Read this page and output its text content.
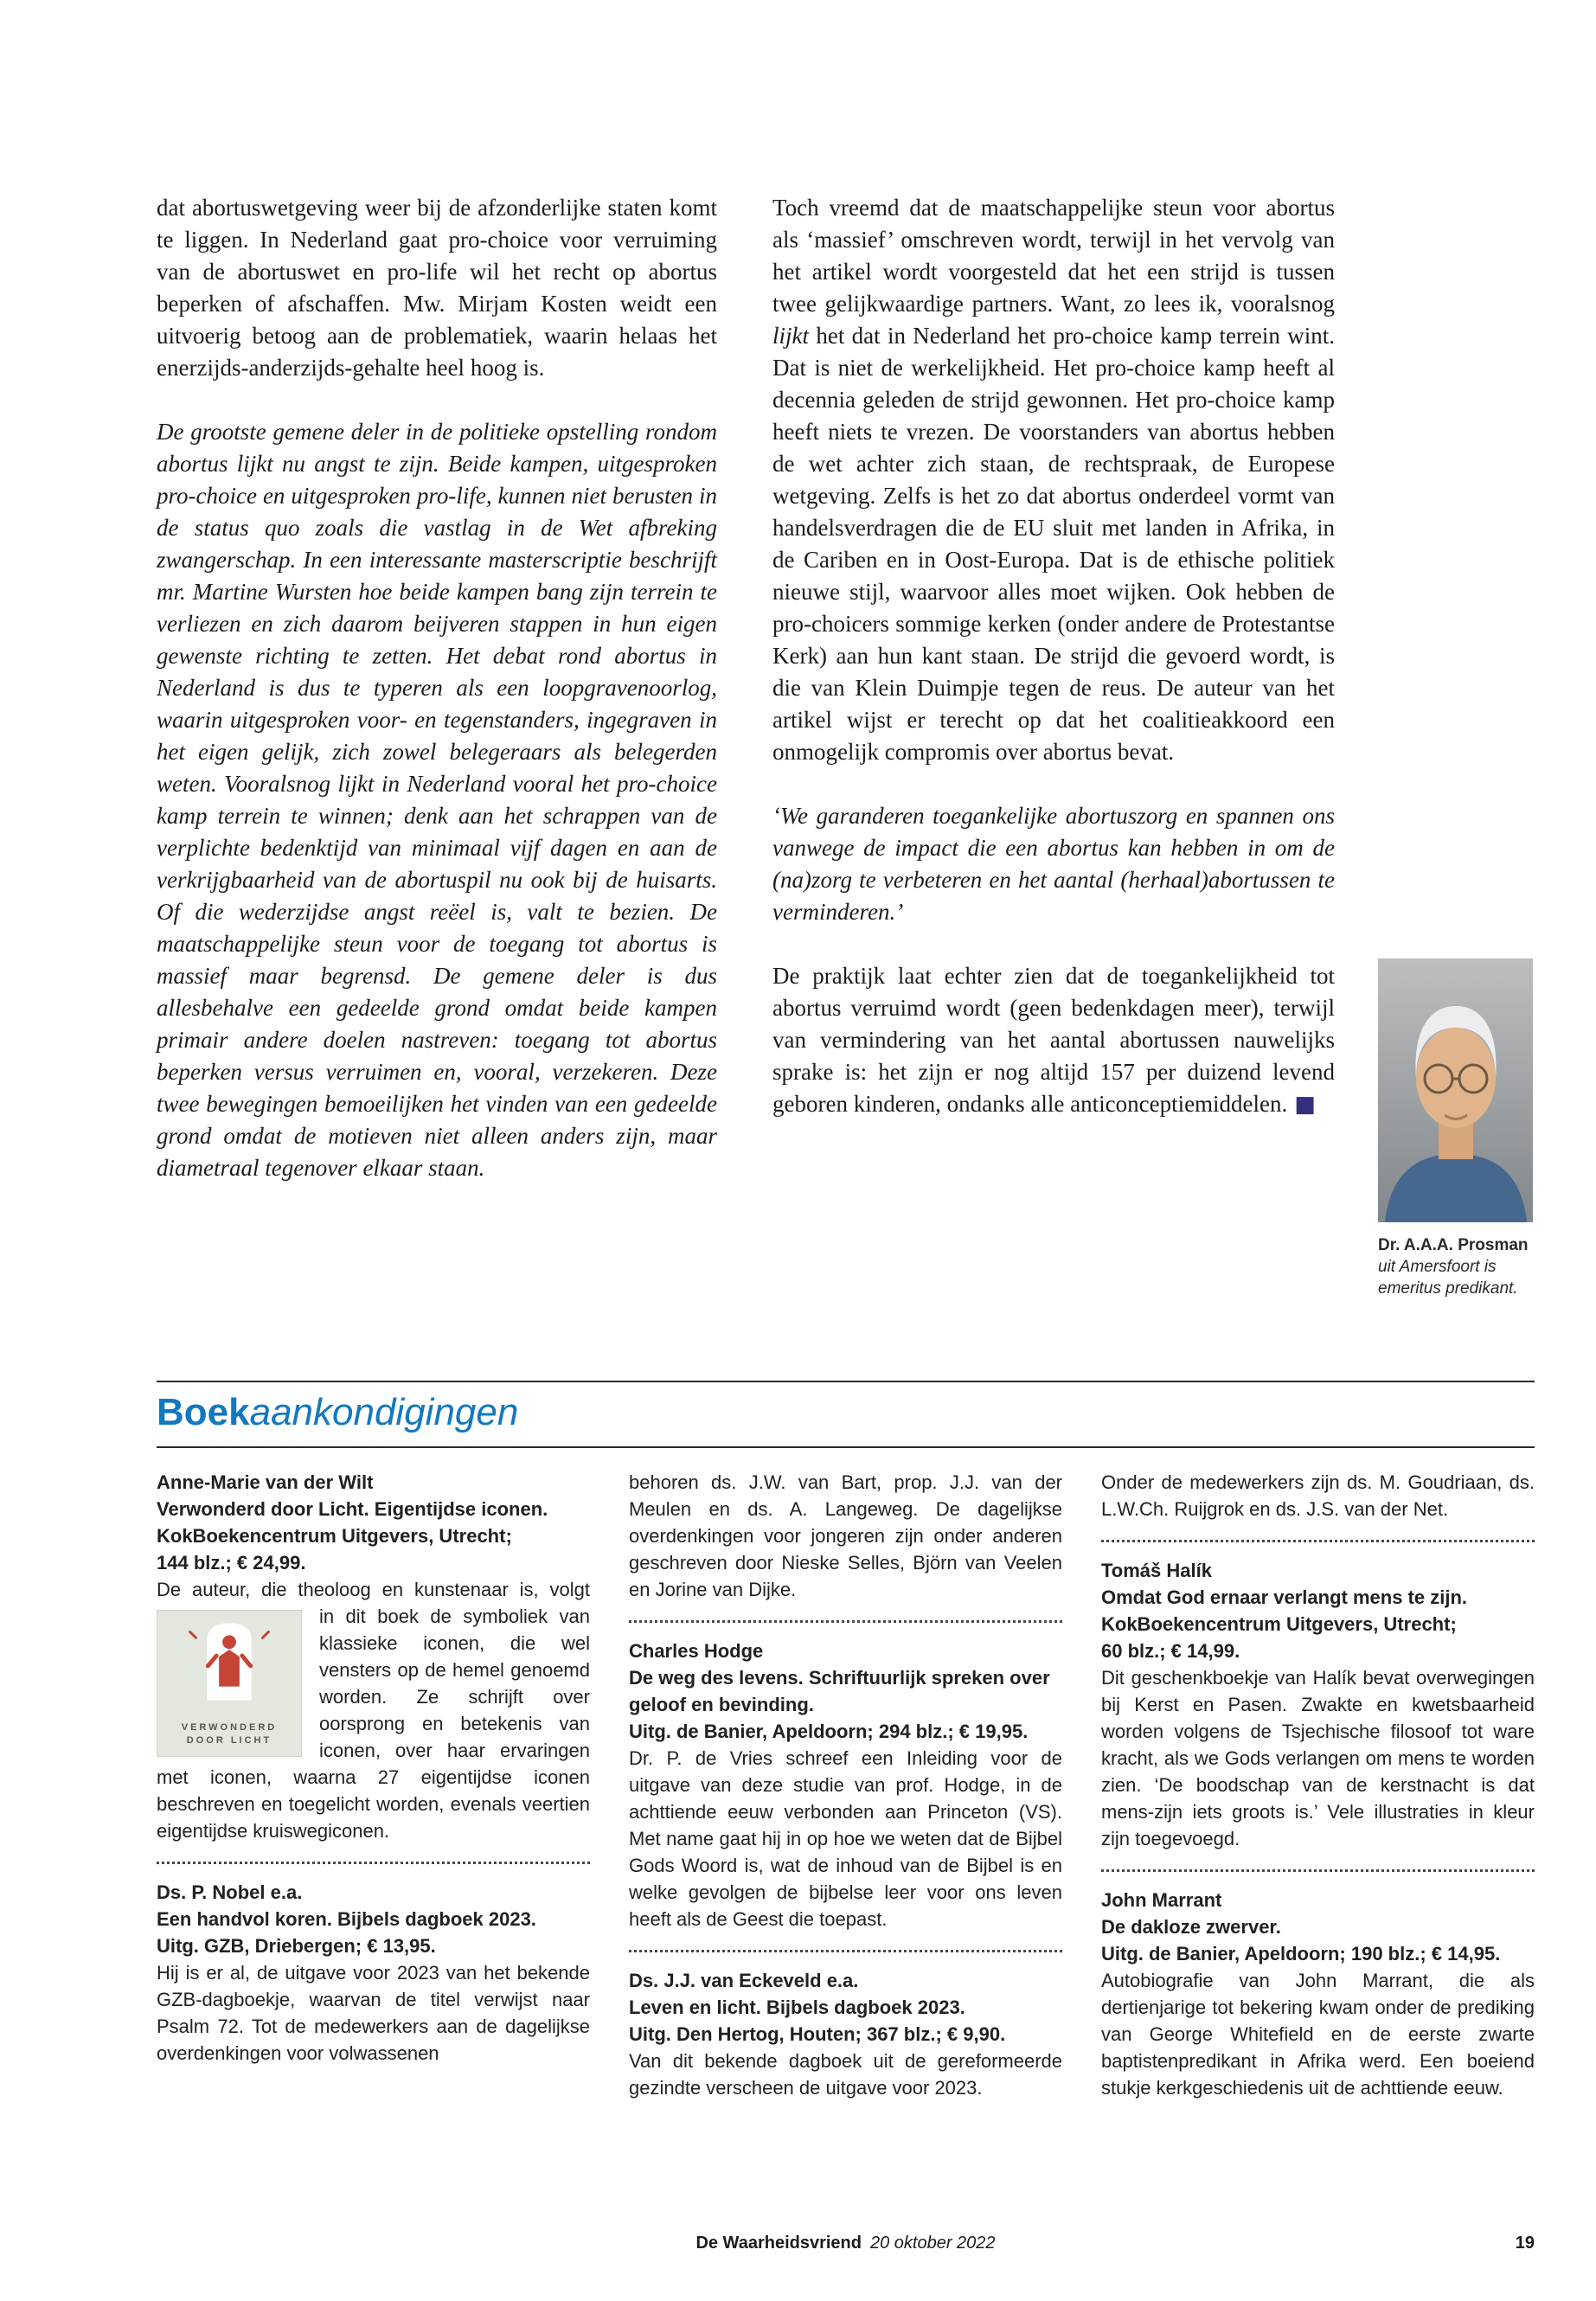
dat abortuswetgeving weer bij de afzonderlijke staten komt te liggen. In Nederland gaat pro-choice voor verruiming van de abortuswet en pro-life wil het recht op abortus beperken of afschaffen. Mw. Mirjam Kosten weidt een uitvoerig betoog aan de problematiek, waarin helaas het enerzijds-anderzijds-gehalte heel hoog is.

De grootste gemene deler in de politieke opstelling rondom abortus lijkt nu angst te zijn. Beide kampen, uitgesproken pro-choice en uitgesproken pro-life, kunnen niet berusten in de status quo zoals die vastlag in de Wet afbreking zwangerschap. In een interessante masterscriptie beschrijft mr. Martine Wursten hoe beide kampen bang zijn terrein te verliezen en zich daarom beijveren stappen in hun eigen gewenste richting te zetten. Het debat rond abortus in Nederland is dus te typeren als een loopgravenoorlog, waarin uitgesproken voor- en tegenstanders, ingegraven in het eigen gelijk, zich zowel belegeraars als belegerden weten. Vooralsnog lijkt in Nederland vooral het pro-choice kamp terrein te winnen; denk aan het schrappen van de verplichte bedenktijd van minimaal vijf dagen en aan de verkrijgbaarheid van de abortuspil nu ook bij de huisarts. Of die wederzijdse angst reëel is, valt te bezien. De maatschappelijke steun voor de toegang tot abortus is massief maar begrensd. De gemene deler is dus allesbehalve een gedeelde grond omdat beide kampen primair andere doelen nastreven: toegang tot abortus beperken versus verruimen en, vooral, verzekeren. Deze twee bewegingen bemoeilijken het vinden van een gedeelde grond omdat de motieven niet alleen anders zijn, maar diametraal tegenover elkaar staan.

Toch vreemd dat de maatschappelijke steun voor abortus als ‘massief’ omschreven wordt, terwijl in het vervolg van het artikel wordt voorgesteld dat het een strijd is tussen twee gelijkwaardige partners. Want, zo lees ik, vooralsnog lijkt het dat in Nederland het pro-choice kamp terrein wint. Dat is niet de werkelijkheid. Het pro-choice kamp heeft al decennia geleden de strijd gewonnen. Het pro-choice kamp heeft niets te vrezen. De voorstanders van abortus hebben de wet achter zich staan, de rechtspraak, de Europese wetgeving. Zelfs is het zo dat abortus onderdeel vormt van handelsverdragen die de EU sluit met landen in Afrika, in de Cariben en in Oost-Europa. Dat is de ethische politiek nieuwe stijl, waarvoor alles moet wijken. Ook hebben de pro-choicers sommige kerken (onder andere de Protestantse Kerk) aan hun kant staan. De strijd die gevoerd wordt, is die van Klein Duimpje tegen de reus. De auteur van het artikel wijst er terecht op dat het coalitieakkoord een onmogelijk compromis over abortus bevat.

‘We garanderen toegankelijke abortuszorg en spannen ons vanwege de impact die een abortus kan hebben in om de (na)zorg te verbeteren en het aantal (herhaal)abortussen te verminderen.’

De praktijk laat echter zien dat de toegankelijkheid tot abortus verruimd wordt (geen bedenkdagen meer), terwijl van vermindering van het aantal abortussen nauwelijks sprake is: het zijn er nog altijd 157 per duizend levend geboren kinderen, ondanks alle anticonceptiemiddelen. ■

Dr. A.A.A. Prosman
uit Amersfoort is emeritus predikant.
Boekaankondigingen
Anne-Marie van der Wilt
Verwonderd door Licht. Eigentijdse iconen.
KokBoekencentrum Uitgevers, Utrecht;
144 blz.; € 24,99.
De auteur, die theoloog en kunstenaar is, volgt
VERWONDERD
DOOR LICHT
in dit boek de symboliek van klassieke iconen, die wel vensters op de hemel genoemd worden. Ze schrijft over oorsprong en betekenis van iconen, over haar ervaringen met iconen, waarna 27 eigentijdse iconen beschreven en toegelicht worden, evenals veertien eigentijdse kruiswegiconen.
Ds. P. Nobel e.a.
Een handvol koren. Bijbels dagboek 2023.
Uitg. GZB, Driebergen; € 13,95.
Hij is er al, de uitgave voor 2023 van het bekende GZB-dagboekje, waarvan de titel verwijst naar Psalm 72. Tot de medewerkers aan de dagelijkse overdenkingen voor volwassenen
behoren ds. J.W. van Bart, prop. J.J. van der Meulen en ds. A. Langeweg. De dagelijkse overdenkingen voor jongeren zijn onder anderen geschreven door Nieske Selles, Björn van Veelen en Jorine van Dijke.
Charles Hodge
De weg des levens. Schriftuurlijk spreken over geloof en bevinding.
Uitg. de Banier, Apeldoorn; 294 blz.; € 19,95.
Dr. P. de Vries schreef een Inleiding voor de uitgave van deze studie van prof. Hodge, in de achttiende eeuw verbonden aan Princeton (VS). Met name gaat hij in op hoe we weten dat de Bijbel Gods Woord is, wat de inhoud van de Bijbel is en welke gevolgen de bijbelse leer voor ons leven heeft als de Geest die toepast.
Ds. J.J. van Eckeveld e.a.
Leven en licht. Bijbels dagboek 2023.
Uitg. Den Hertog, Houten; 367 blz.; € 9,90.
Van dit bekende dagboek uit de gereformeerde gezindte verscheen de uitgave voor 2023.
Onder de medewerkers zijn ds. M. Goudriaan, ds. L.W.Ch. Ruijgrok en ds. J.S. van der Net.
Tomáš Halík
Omdat God ernaar verlangt mens te zijn.
KokBoekencentrum Uitgevers, Utrecht;
60 blz.; € 14,99.
Dit geschenkboekje van Halík bevat overwegingen bij Kerst en Pasen. Zwakte en kwetsbaarheid worden volgens de Tsjechische filosoof tot ware kracht, als we Gods verlangen om mens te worden zien. ‘De boodschap van de kerstnacht is dat mens-zijn iets groots is.’ Vele illustraties in kleur zijn toegevoegd.
John Marrant
De dakloze zwerver.
Uitg. de Banier, Apeldoorn; 190 blz.; € 14,95.
Autobiografie van John Marrant, die als dertienjarige tot bekering kwam onder de prediking van George Whitefield en de eerste zwarte baptistenpredikant in Afrika werd. Een boeiend stukje kerkgeschiedenis uit de achttiende eeuw.
De Waarheidsvriend 20 oktober 2022	19
